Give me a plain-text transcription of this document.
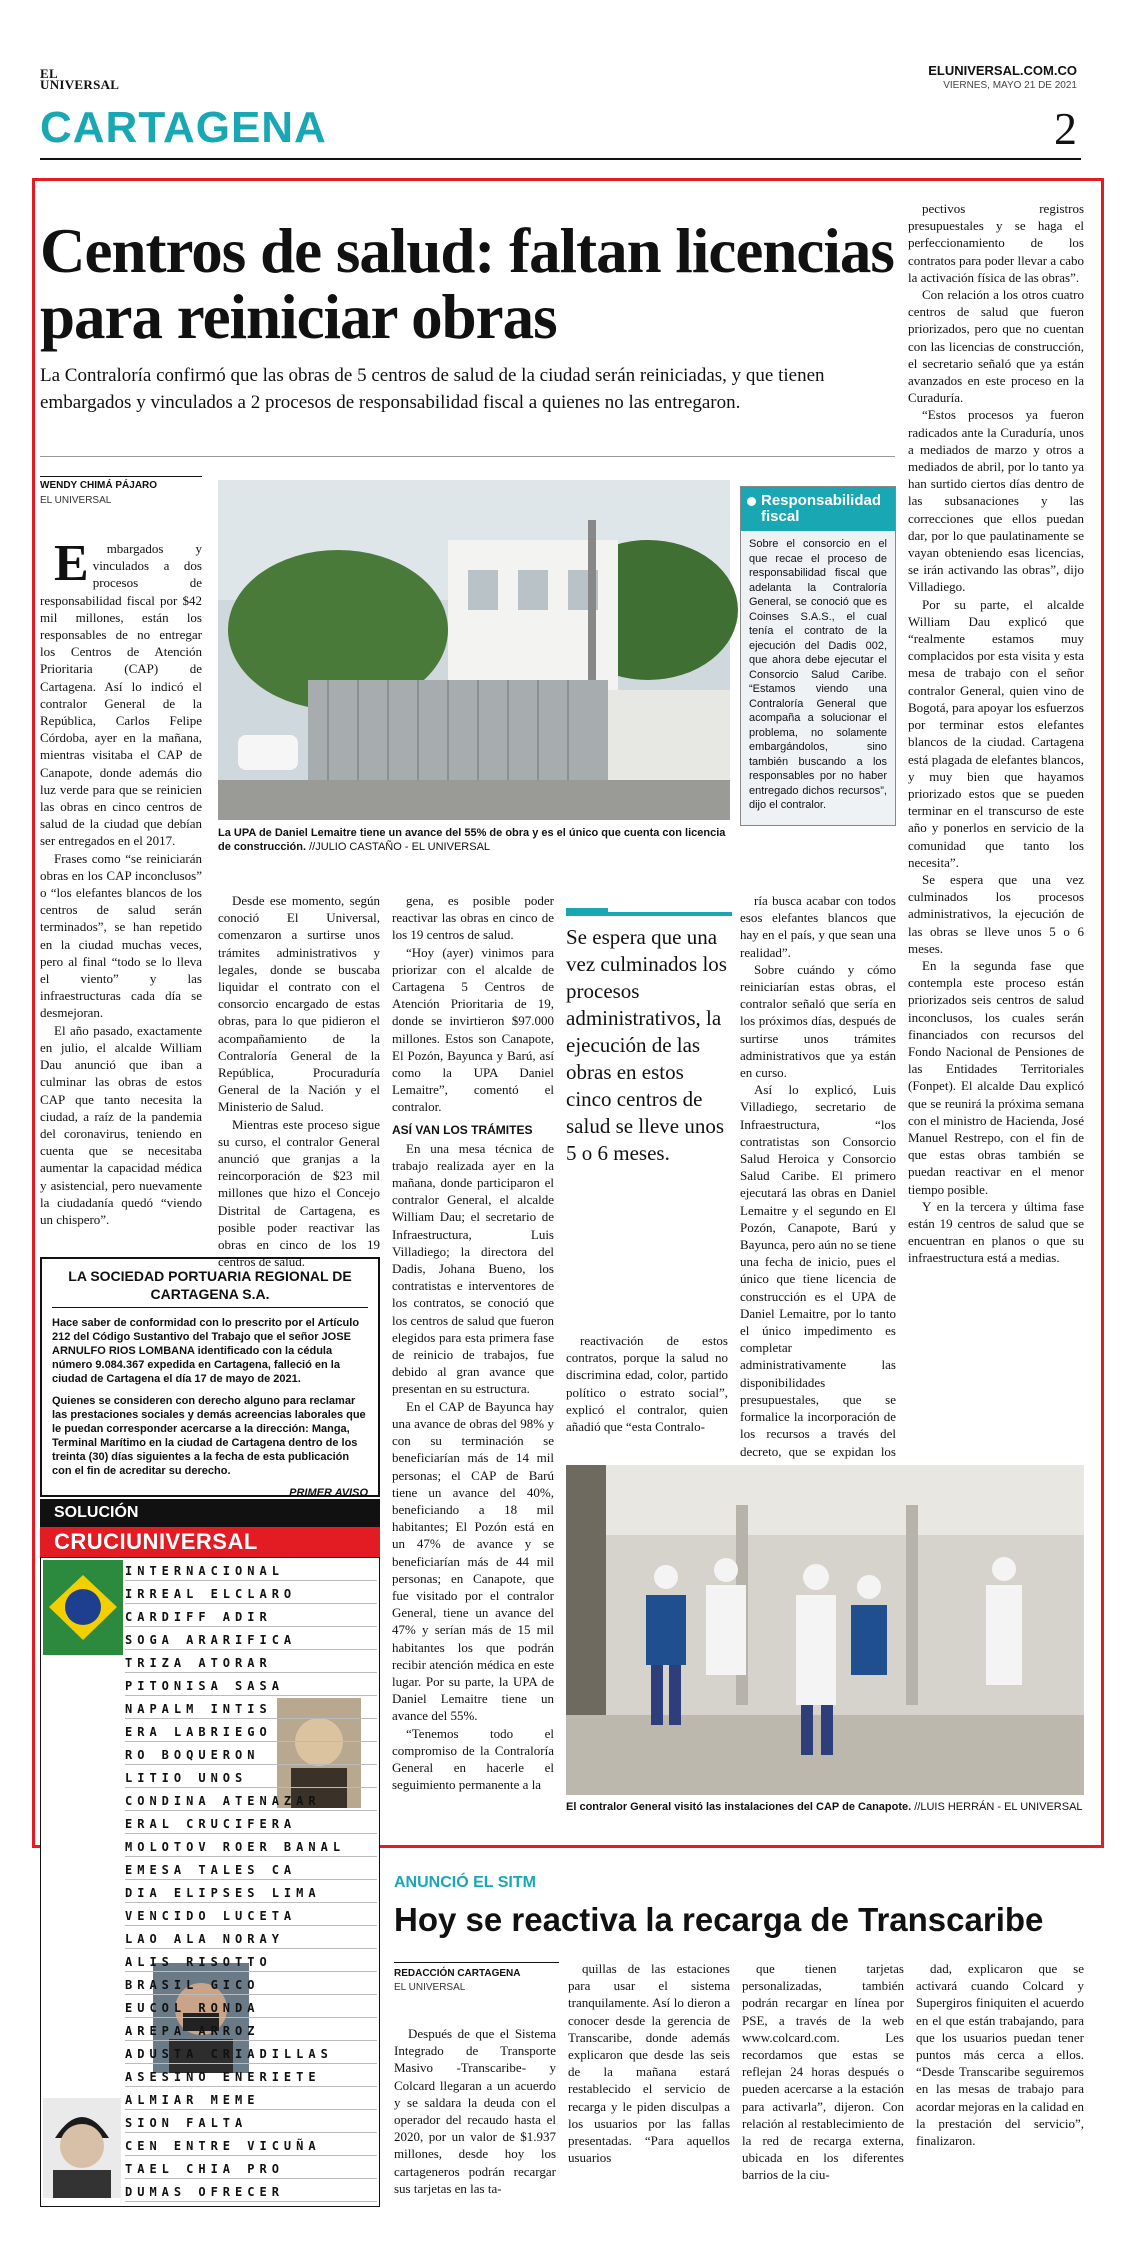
EL
UNIVERSAL
ELUNIVERSAL.COM.CO
VIERNES, MAYO 21 DE 2021
CARTAGENA	2
Centros de salud: faltan licencias para reiniciar obras

La Contraloría confirmó que las obras de 5 centros de salud de la ciudad serán reiniciadas, y que tienen embargados y vinculados a 2 procesos de responsabilidad fiscal a quienes no las entregaron.

WENDY CHIMÁ PÁJARO
EL UNIVERSAL

Embargados y vinculados a dos procesos de responsabilidad fiscal por $42 mil millones, están los responsables de no entregar los Centros de Atención Prioritaria (CAP) de Cartagena. Así lo indicó el contralor General de la República, Carlos Felipe Córdoba, ayer en la mañana, mientras visitaba el CAP de Canapote, donde además dio luz verde para que se reinicien las obras en cinco centros de salud de la ciudad que debían ser entregados en el 2017.

Frases como “se reiniciarán obras en los CAP inconclusos” o “los elefantes blancos de los centros de salud serán terminados”, se han repetido en la ciudad muchas veces, pero al final “todo se lo lleva el viento” y las infraestructuras cada día se desmejoran.

El año pasado, exactamente en julio, el alcalde William Dau anunció que iban a culminar las obras de estos CAP que tanto necesita la ciudad, a raíz de la pandemia del coronavirus, teniendo en cuenta que se necesitaba aumentar la capacidad médica y asistencial, pero nuevamente la ciudadanía quedó “viendo un chispero”.

La UPA de Daniel Lemaitre tiene un avance del 55% de obra y es el único que cuenta con licencia de construcción. //JULIO CASTAÑO - EL UNIVERSAL
Responsabilidad fiscal
Sobre el consorcio en el que recae el proceso de responsabilidad fiscal que adelanta la Contraloría General, se conoció que es Coinses S.A.S., el cual tenía el contrato de la ejecución del Dadis 002, que ahora debe ejecutar el Consorcio Salud Caribe. “Estamos viendo una Contraloría General que acompaña a solucionar el problema, no solamente embargándolos, sino también buscando a los responsables por no haber entregado dichos recursos”, dijo el contralor.

Desde ese momento, según conoció El Universal, comenzaron a surtirse unos trámites administrativos y legales, donde se buscaba liquidar el contrato con el consorcio encargado de estas obras, para lo que pidieron el acompañamiento de la Contraloría General de la República, Procuraduría General de la Nación y el Ministerio de Salud.

Mientras este proceso sigue su curso, el contralor General anunció que granjas a la reincorporación de $23 mil millones que hizo el Concejo Distrital de Cartagena, es posible poder reactivar las obras en cinco de los 19 centros de salud.

gena, es posible poder reactivar las obras en cinco de los 19 centros de salud.

“Hoy (ayer) vinimos para priorizar con el alcalde de Cartagena 5 Centros de Atención Prioritaria de 19, donde se invirtieron $97.000 millones. Estos son Canapote, El Pozón, Bayunca y Barú, así como la UPA Daniel Lemaitre”, comentó el contralor.

ASÍ VAN LOS TRÁMITES

En una mesa técnica de trabajo realizada ayer en la mañana, donde participaron el contralor General, el alcalde William Dau; el secretario de Infraestructura, Luis Villadiego; la directora del Dadis, Johana Bueno, los contratistas e interventores de los contratos, se conoció que los centros de salud que fueron elegidos para esta primera fase de reinicio de trabajos, fue debido al gran avance que presentan en su estructura.

En el CAP de Bayunca hay una avance de obras del 98% y con su terminación se beneficiarían más de 14 mil personas; el CAP de Barú tiene un avance del 40%, beneficiando a 18 mil habitantes; El Pozón está en un 47% de avance y se beneficiarían más de 44 mil personas; en Canapote, que fue visitado por el contralor General, tiene un avance del 47% y serían más de 15 mil habitantes los que podrán recibir atención médica en este lugar. Por su parte, la UPA de Daniel Lemaitre tiene un avance del 55%.

“Tenemos todo el compromiso de la Contraloría General en hacerle el seguimiento permanente a la

Se espera que una vez culminados los procesos administrativos, la ejecución de las obras en estos cinco centros de salud se lleve unos 5 o 6 meses.

reactivación de estos contratos, porque la salud no discrimina edad, color, partido político o estrato social”, explicó el contralor, quien añadió que “esta Contralo-

ría busca acabar con todos esos elefantes blancos que hay en el país, y que sean una realidad”.

Sobre cuándo y cómo reiniciarían estas obras, el contralor señaló que sería en los próximos días, después de surtirse unos trámites administrativos que ya están en curso.

Así lo explicó, Luis Villadiego, secretario de Infraestructura, “los contratistas son Consorcio Salud Heroica y Consorcio Salud Caribe. El primero ejecutará las obras en Daniel Lemaitre y el segundo en El Pozón, Canapote, Barú y Bayunca, pero aún no se tiene una fecha de inicio, pues el único que tiene licencia de construcción es el UPA de Daniel Lemaitre, por lo tanto el único impedimento es completar administrativamente las disponibilidades presupuestales, que se formalice la incorporación de los recursos a través del decreto, que se expidan los

pectivos registros presupuestales y se haga el perfeccionamiento de los contratos para poder llevar a cabo la activación física de las obras”.

Con relación a los otros cuatro centros de salud que fueron priorizados, pero que no cuentan con las licencias de construcción, el secretario señaló que ya están avanzados en este proceso en la Curaduría.

“Estos procesos ya fueron radicados ante la Curaduría, unos a mediados de marzo y otros a mediados de abril, por lo tanto ya han surtido ciertos días dentro de las subsanaciones y las correcciones que ellos puedan dar, por lo que paulatinamente se vayan obteniendo esas licencias, se irán activando las obras”, dijo Villadiego.

Por su parte, el alcalde William Dau explicó que “realmente estamos muy complacidos por esta visita y esta mesa de trabajo con el señor contralor General, quien vino de Bogotá, para apoyar los esfuerzos por terminar estos elefantes blancos de la ciudad. Cartagena está plagada de elefantes blancos, y muy bien que hayamos priorizado estos que se pueden terminar en el transcurso de este año y ponerlos en servicio de la comunidad que tanto los necesita”.

Se espera que una vez culminados los procesos administrativos, la ejecución de las obras se lleve unos 5 o 6 meses.

En la segunda fase que contempla este proceso están priorizados seis centros de salud inconclusos, los cuales serán financiados con recursos del Fondo Nacional de Pensiones de las Entidades Territoriales (Fonpet). El alcalde Dau explicó que se reunirá la próxima semana con el ministro de Hacienda, José Manuel Restrepo, con el fin de que estas obras también se puedan reactivar en el menor tiempo posible.

Y en la tercera y última fase están 19 centros de salud que se encuentran en planos o que su infraestructura está a medias.

El contralor General visitó las instalaciones del CAP de Canapote. //LUIS HERRÁN - EL UNIVERSAL
LA SOCIEDAD PORTUARIA REGIONAL DE CARTAGENA S.A.

Hace saber de conformidad con lo prescrito por el Artículo 212 del Código Sustantivo del Trabajo que el señor JOSE ARNULFO RIOS LOMBANA identificado con la cédula número 9.084.367 expedida en Cartagena, falleció en la ciudad de Cartagena el día 17 de mayo de 2021.

Quienes se consideren con derecho alguno para reclamar las prestaciones sociales y demás acreencias laborales que le puedan corresponder acercarse a la dirección: Manga, Terminal Marítimo en la ciudad de Cartagena dentro de los treinta (30) días siguientes a la fecha de esta publicación con el fin de acreditar su derecho.

PRIMER AVISO
SOLUCIÓN
CRUCIUNIVERSAL
INTERNACIONAL
IRREAL ELCLARO
CARDIFF ADIR
SOGA ARARIFICA
TRIZA ATORAR
PITONISA SASA
NAPALM INTIS
ERA LABRIEGO
RO BOQUERON
LITIO UNOS
CONDINA ATENAZAR
ERAL CRUCIFERA
MOLOTOV ROER BANAL
EMESA TALES CA
DIA ELIPSES LIMA
VENCIDO LUCETA
LAO ALA NORAY
ALIS RISOTTO
BRASIL GICO
EUCOL RONDA
AREPA ARROZ
ADUSTA CRIADILLAS
ASESINO ENERIETE
ALMIAR MEME
SION FALTA
CEN ENTRE VICUÑA
TAEL CHIA PRO
DUMAS OFRECER
ANUNCIÓ EL SITM
Hoy se reactiva la recarga de Transcaribe
REDACCIÓN CARTAGENA
EL UNIVERSAL

Después de que el Sistema Integrado de Transporte Masivo -Transcaribe- y Colcard llegaran a un acuerdo y se saldara la deuda con el operador del recaudo hasta el 2020, por un valor de $1.937 millones, desde hoy los cartageneros podrán recargar sus tarjetas en las ta-

quillas de las estaciones para usar el sistema tranquilamente. Así lo dieron a conocer desde la gerencia de Transcaribe, donde además explicaron que desde las seis de la mañana estará restablecido el servicio de recarga y le piden disculpas a los usuarios por las fallas presentadas. “Para aquellos usuarios

que tienen tarjetas personalizadas, también podrán recargar en línea por PSE, a través de la web www.colcard.com. Les recordamos que estas se reflejan 24 horas después o pueden acercarse a la estación para activarla”, dijeron. Con relación al restablecimiento de la red de recarga externa, ubicada en los diferentes barrios de la ciu-

dad, explicaron que se activará cuando Colcard y Supergiros finiquiten el acuerdo en el que están trabajando, para que los usuarios puedan tener puntos más cerca a ellos. “Desde Transcaribe seguiremos en las mesas de trabajo para acordar mejoras en la calidad en la prestación del servicio”, finalizaron.
